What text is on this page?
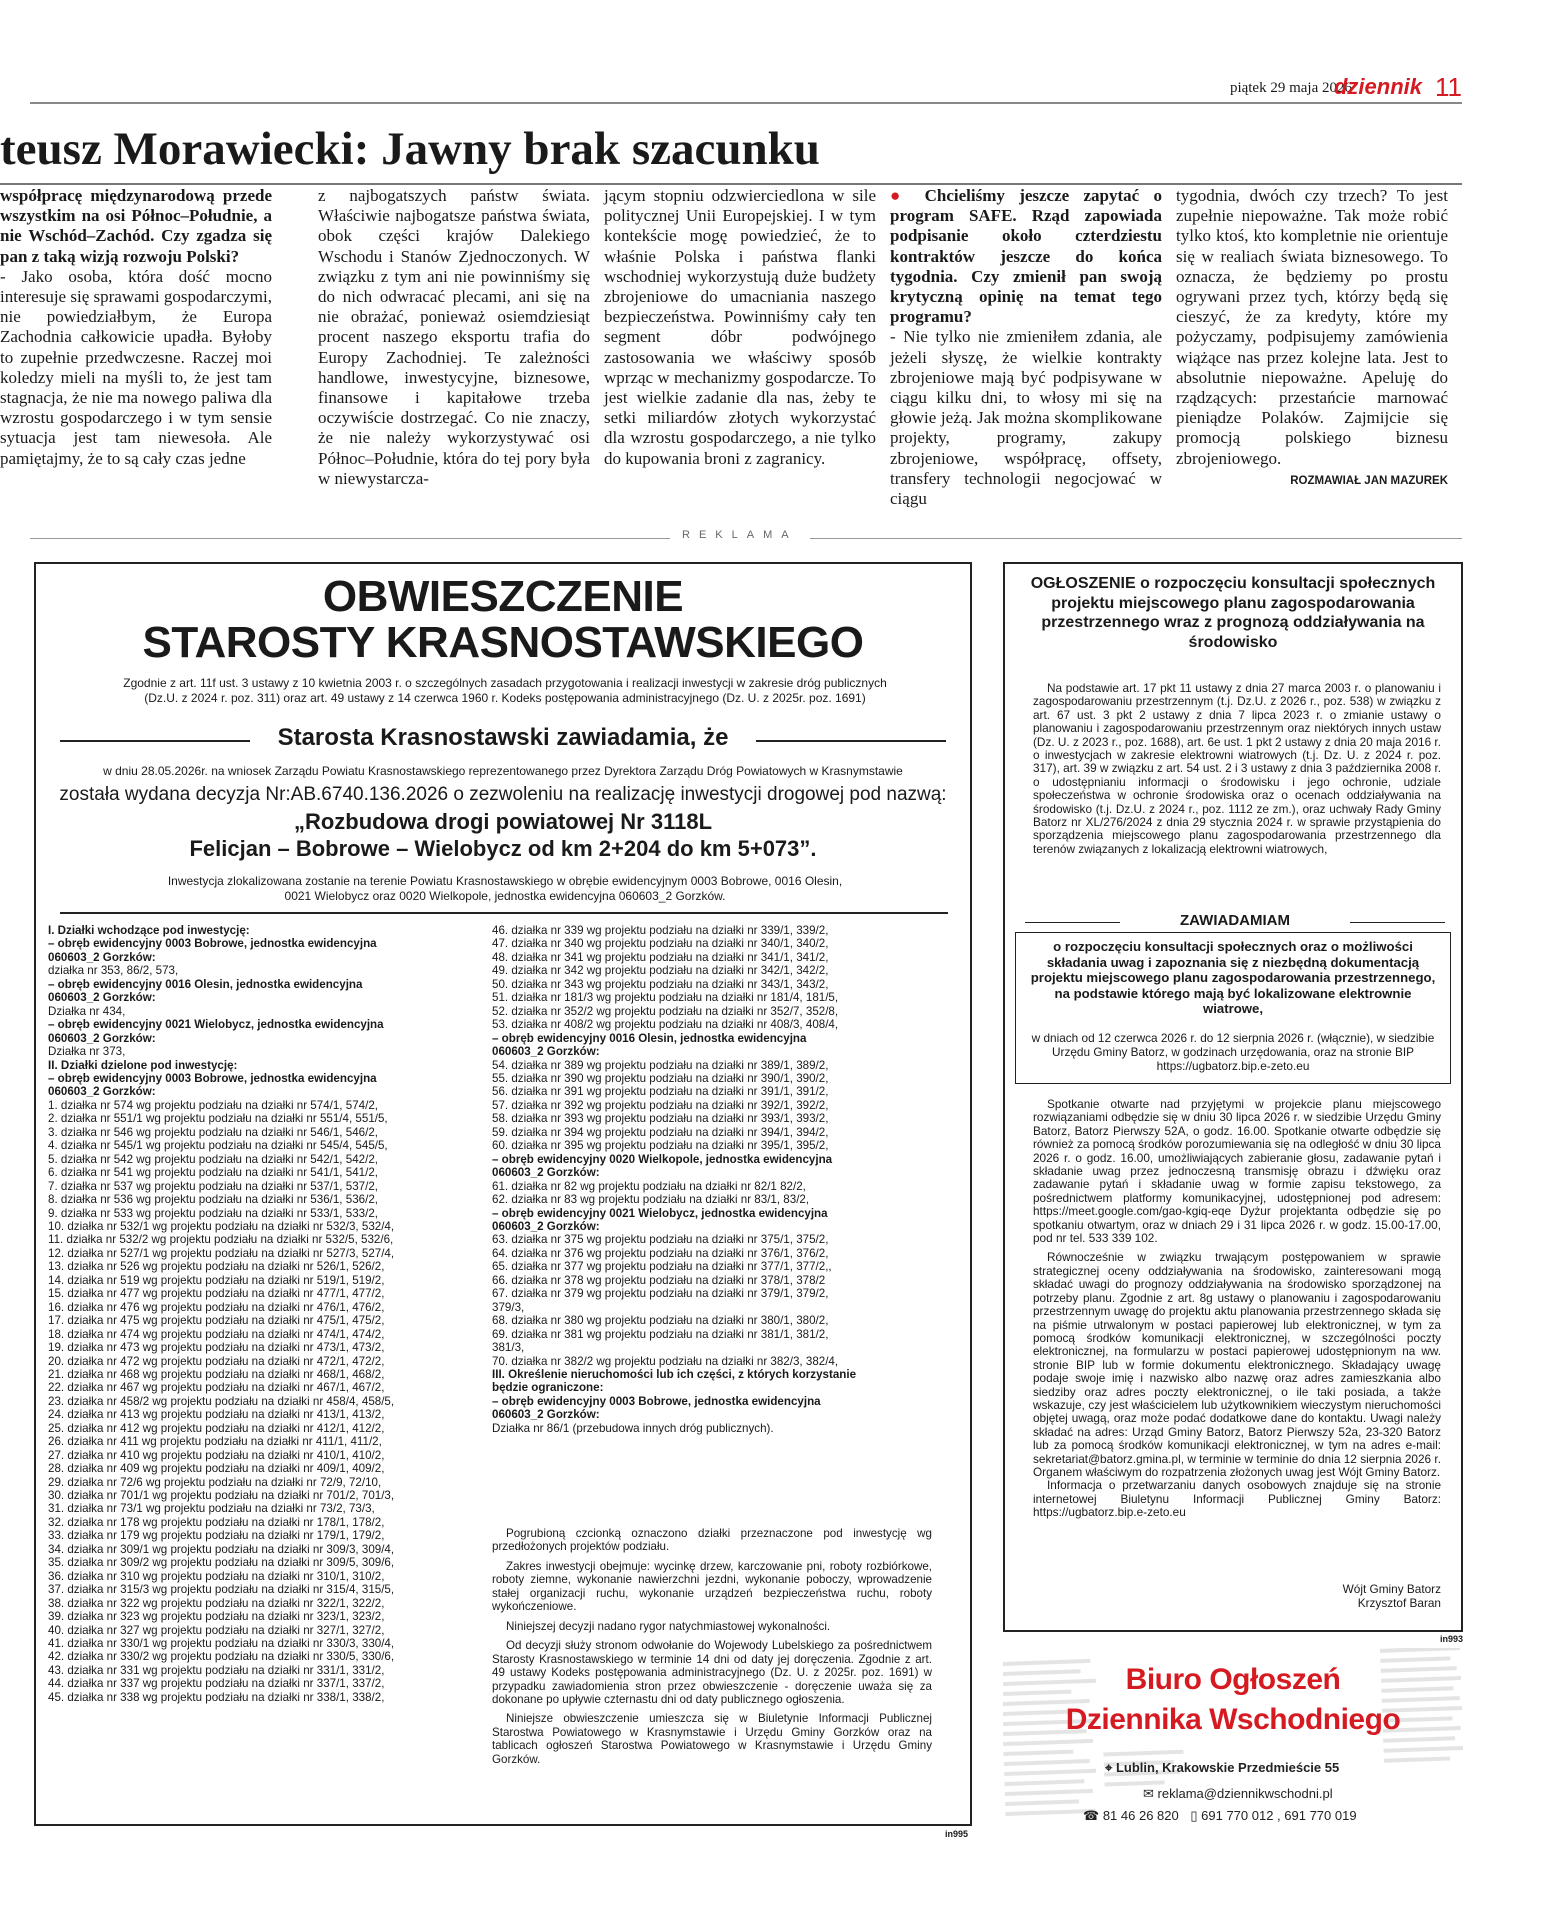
piątek 29 maja 2026
dziennik 11
teusz Morawiecki: Jawny brak szacunku

współpracę międzynarodową przede wszystkim na osi Północ–Południe, a nie Wschód–Zachód. Czy zgadza się pan z taką wizją rozwoju Polski?

- Jako osoba, która dość mocno interesuje się sprawami gospodarczymi, nie powiedziałbym, że Europa Zachodnia całkowicie upadła. Byłoby to zupełnie przedwczesne. Raczej moi koledzy mieli na myśli to, że jest tam stagnacja, że nie ma nowego paliwa dla wzrostu gospodarczego i w tym sensie sytuacja jest tam niewesoła. Ale pamiętajmy, że to są cały czas jedne

z najbogatszych państw świata. Właściwie najbogatsze państwa świata, obok części krajów Dalekiego Wschodu i Stanów Zjednoczonych. W związku z tym ani nie powinniśmy się do nich odwracać plecami, ani się na nie obrażać, ponieważ osiemdziesiąt procent naszego eksportu trafia do Europy Zachodniej. Te zależności handlowe, inwestycyjne, biznesowe, finansowe i kapitałowe trzeba oczywiście dostrzegać. Co nie znaczy, że nie należy wykorzystywać osi Północ–Południe, która do tej pory była w niewystarcza-

jącym stopniu odzwierciedlona w sile politycznej Unii Europejskiej. I w tym kontekście mogę powiedzieć, że to właśnie Polska i państwa flanki wschodniej wykorzystują duże budżety zbrojeniowe do umacniania naszego bezpieczeństwa. Powinniśmy cały ten segment dóbr podwójnego zastosowania we właściwy sposób wprząc w mechanizmy gospodarcze. To jest wielkie zadanie dla nas, żeby te setki miliardów złotych wykorzystać dla wzrostu gospodarczego, a nie tylko do kupowania broni z zagranicy.

● Chcieliśmy jeszcze zapytać o program SAFE. Rząd zapowiada podpisanie około czterdziestu kontraktów jeszcze do końca tygodnia. Czy zmienił pan swoją krytyczną opinię na temat tego programu?

- Nie tylko nie zmieniłem zdania, ale jeżeli słyszę, że wielkie kontrakty zbrojeniowe mają być podpisywane w ciągu kilku dni, to włosy mi się na głowie jeżą. Jak można skomplikowane projekty, programy, zakupy zbrojeniowe, współpracę, offsety, transfery technologii negocjować w ciągu

tygodnia, dwóch czy trzech? To jest zupełnie niepoważne. Tak może robić tylko ktoś, kto kompletnie nie orientuje się w realiach świata biznesowego. To oznacza, że będziemy po prostu ogrywani przez tych, którzy będą się cieszyć, że za kredyty, które my pożyczamy, podpisujemy zamówienia wiążące nas przez kolejne lata. Jest to absolutnie niepoważne. Apeluję do rządzących: przestańcie marnować pieniądze Polaków. Zajmijcie się promocją polskiego biznesu zbrojeniowego.

ROZMAWIAŁ JAN MAZUREK
REKLAMA
OBWIESZCZENIE
STAROSTY KRASNOSTAWSKIEGO
Zgodnie z art. 11f ust. 3 ustawy z 10 kwietnia 2003 r. o szczególnych zasadach przygotowania i realizacji inwestycji w zakresie dróg publicznych
(Dz.U. z 2024 r. poz. 311) oraz art. 49 ustawy z 14 czerwca 1960 r. Kodeks postępowania administracyjnego (Dz. U. z 2025r. poz. 1691)
Starosta Krasnostawski zawiadamia, że
w dniu 28.05.2026r. na wniosek Zarządu Powiatu Krasnostawskiego reprezentowanego przez Dyrektora Zarządu Dróg Powiatowych w Krasnymstawie
została wydana decyzja Nr:AB.6740.136.2026 o zezwoleniu na realizację inwestycji drogowej pod nazwą:
„Rozbudowa drogi powiatowej Nr 3118L
Felicjan – Bobrowe – Wielobycz od km 2+204 do km 5+073”.
Inwestycja zlokalizowana zostanie na terenie Powiatu Krasnostawskiego w obrębie ewidencyjnym 0003 Bobrowe, 0016 Olesin,
0021 Wielobycz oraz 0020 Wielkopole, jednostka ewidencyjna 060603_2 Gorzków.
I. Działki wchodzące pod inwestycję:
– obręb ewidencyjny 0003 Bobrowe, jednostka ewidencyjna
060603_2 Gorzków:
działka nr 353, 86/2, 573,
– obręb ewidencyjny 0016 Olesin, jednostka ewidencyjna
060603_2 Gorzków:
Działka nr 434,
– obręb ewidencyjny 0021 Wielobycz, jednostka ewidencyjna
060603_2 Gorzków:
Działka nr 373,
II. Działki dzielone pod inwestycję:
– obręb ewidencyjny 0003 Bobrowe, jednostka ewidencyjna
060603_2 Gorzków:
1. działka nr 574 wg projektu podziału na działki nr 574/1, 574/2,
2. działka nr 551/1 wg projektu podziału na działki nr 551/4, 551/5,
3. działka nr 546 wg projektu podziału na działki nr 546/1, 546/2,
4. działka nr 545/1 wg projektu podziału na działki nr 545/4, 545/5,
5. działka nr 542 wg projektu podziału na działki nr 542/1, 542/2,
6. działka nr 541 wg projektu podziału na działki nr 541/1, 541/2,
7. działka nr 537 wg projektu podziału na działki nr 537/1, 537/2,
8. działka nr 536 wg projektu podziału na działki nr 536/1, 536/2,
9. działka nr 533 wg projektu podziału na działki nr 533/1, 533/2,
10. działka nr 532/1 wg projektu podziału na działki nr 532/3, 532/4,
11. działka nr 532/2 wg projektu podziału na działki nr 532/5, 532/6,
12. działka nr 527/1 wg projektu podziału na działki nr 527/3, 527/4,
13. działka nr 526 wg projektu podziału na działki nr 526/1, 526/2,
14. działka nr 519 wg projektu podziału na działki nr 519/1, 519/2,
15. działka nr 477 wg projektu podziału na działki nr 477/1, 477/2,
16. działka nr 476 wg projektu podziału na działki nr 476/1, 476/2,
17. działka nr 475 wg projektu podziału na działki nr 475/1, 475/2,
18. działka nr 474 wg projektu podziału na działki nr 474/1, 474/2,
19. działka nr 473 wg projektu podziału na działki nr 473/1, 473/2,
20. działka nr 472 wg projektu podziału na działki nr 472/1, 472/2,
21. działka nr 468 wg projektu podziału na działki nr 468/1, 468/2,
22. działka nr 467 wg projektu podziału na działki nr 467/1, 467/2,
23. działka nr 458/2 wg projektu podziału na działki nr 458/4, 458/5,
24. działka nr 413 wg projektu podziału na działki nr 413/1, 413/2,
25. działka nr 412 wg projektu podziału na działki nr 412/1, 412/2,
26. działka nr 411 wg projektu podziału na działki nr 411/1, 411/2,
27. działka nr 410 wg projektu podziału na działki nr 410/1, 410/2,
28. działka nr 409 wg projektu podziału na działki nr 409/1, 409/2,
29. działka nr 72/6 wg projektu podziału na działki nr 72/9, 72/10,
30. działka nr 701/1 wg projektu podziału na działki nr 701/2, 701/3,
31. działka nr 73/1 wg projektu podziału na działki nr 73/2, 73/3,
32. działka nr 178 wg projektu podziału na działki nr 178/1, 178/2,
33. działka nr 179 wg projektu podziału na działki nr 179/1, 179/2,
34. działka nr 309/1 wg projektu podziału na działki nr 309/3, 309/4,
35. działka nr 309/2 wg projektu podziału na działki nr 309/5, 309/6,
36. działka nr 310 wg projektu podziału na działki nr 310/1, 310/2,
37. działka nr 315/3 wg projektu podziału na działki nr 315/4, 315/5,
38. działka nr 322 wg projektu podziału na działki nr 322/1, 322/2,
39. działka nr 323 wg projektu podziału na działki nr 323/1, 323/2,
40. działka nr 327 wg projektu podziału na działki nr 327/1, 327/2,
41. działka nr 330/1 wg projektu podziału na działki nr 330/3, 330/4,
42. działka nr 330/2 wg projektu podziału na działki nr 330/5, 330/6,
43. działka nr 331 wg projektu podziału na działki nr 331/1, 331/2,
44. działka nr 337 wg projektu podziału na działki nr 337/1, 337/2,
45. działka nr 338 wg projektu podziału na działki nr 338/1, 338/2,
46. działka nr 339 wg projektu podziału na działki nr 339/1, 339/2,
47. działka nr 340 wg projektu podziału na działki nr 340/1, 340/2,
48. działka nr 341 wg projektu podziału na działki nr 341/1, 341/2,
49. działka nr 342 wg projektu podziału na działki nr 342/1, 342/2,
50. działka nr 343 wg projektu podziału na działki nr 343/1, 343/2,
51. działka nr 181/3 wg projektu podziału na działki nr 181/4, 181/5,
52. działka nr 352/2 wg projektu podziału na działki nr 352/7, 352/8,
53. działka nr 408/2 wg projektu podziału na działki nr 408/3, 408/4,
– obręb ewidencyjny 0016 Olesin, jednostka ewidencyjna
060603_2 Gorzków:
54. działka nr 389 wg projektu podziału na działki nr 389/1, 389/2,
55. działka nr 390 wg projektu podziału na działki nr 390/1, 390/2,
56. działka nr 391 wg projektu podziału na działki nr 391/1, 391/2,
57. działka nr 392 wg projektu podziału na działki nr 392/1, 392/2,
58. działka nr 393 wg projektu podziału na działki nr 393/1, 393/2,
59. działka nr 394 wg projektu podziału na działki nr 394/1, 394/2,
60. działka nr 395 wg projektu podziału na działki nr 395/1, 395/2,
– obręb ewidencyjny 0020 Wielkopole, jednostka ewidencyjna
060603_2 Gorzków:
61. działka nr 82 wg projektu podziału na działki nr 82/1 82/2,
62. działka nr 83 wg projektu podziału na działki nr 83/1, 83/2,
– obręb ewidencyjny 0021 Wielobycz, jednostka ewidencyjna
060603_2 Gorzków:
63. działka nr 375 wg projektu podziału na działki nr 375/1, 375/2,
64. działka nr 376 wg projektu podziału na działki nr 376/1, 376/2,
65. działka nr 377 wg projektu podziału na działki nr 377/1, 377/2,,
66. działka nr 378 wg projektu podziału na działki nr 378/1, 378/2
67. działka nr 379 wg projektu podziału na działki nr 379/1, 379/2,
379/3,
68. działka nr 380 wg projektu podziału na działki nr 380/1, 380/2,
69. działka nr 381 wg projektu podziału na działki nr 381/1, 381/2,
381/3,
70. działka nr 382/2 wg projektu podziału na działki nr 382/3, 382/4,
III. Określenie nieruchomości lub ich części, z których korzystanie
będzie ograniczone:
– obręb ewidencyjny 0003 Bobrowe, jednostka ewidencyjna
060603_2 Gorzków:
Działka nr 86/1 (przebudowa innych dróg publicznych).

Pogrubioną czcionką oznaczono działki przeznaczone pod inwestycję wg przedłożonych projektów podziału.

Zakres inwestycji obejmuje: wycinkę drzew, karczowanie pni, roboty rozbiórkowe, roboty ziemne, wykonanie nawierzchni jezdni, wykonanie poboczy, wprowadzenie stałej organizacji ruchu, wykonanie urządzeń bezpieczeństwa ruchu, roboty wykończeniowe.

Niniejszej decyzji nadano rygor natychmiastowej wykonalności.

Od decyzji służy stronom odwołanie do Wojewody Lubelskiego za pośrednictwem Starosty Krasnostawskiego w terminie 14 dni od daty jej doręczenia. Zgodnie z art. 49 ustawy Kodeks postępowania administracyjnego (Dz. U. z 2025r. poz. 1691) w przypadku zawiadomienia stron przez obwieszczenie - doręczenie uważa się za dokonane po upływie czternastu dni od daty publicznego ogłoszenia.

Niniejsze obwieszczenie umieszcza się w Biuletynie Informacji Publicznej Starostwa Powiatowego w Krasnymstawie i Urzędu Gminy Gorzków oraz na tablicach ogłoszeń Starostwa Powiatowego w Krasnymstawie i Urzędu Gminy Gorzków.

in995
OGŁOSZENIE o rozpoczęciu konsultacji społecznych projektu miejscowego planu zagospodarowania przestrzennego wraz z prognozą oddziaływania na środowisko

Na podstawie art. 17 pkt 11 ustawy z dnia 27 marca 2003 r. o planowaniu i zagospodarowaniu przestrzennym (t.j. Dz.U. z 2026 r., poz. 538) w związku z art. 67 ust. 3 pkt 2 ustawy z dnia 7 lipca 2023 r. o zmianie ustawy o planowaniu i zagospodarowaniu przestrzennym oraz niektórych innych ustaw (Dz. U. z 2023 r., poz. 1688), art. 6e ust. 1 pkt 2 ustawy z dnia 20 maja 2016 r. o inwestycjach w zakresie elektrowni wiatrowych (t.j. Dz. U. z 2024 r. poz. 317), art. 39 w związku z art. 54 ust. 2 i 3 ustawy z dnia 3 października 2008 r. o udostępnianiu informacji o środowisku i jego ochronie, udziale społeczeństwa w ochronie środowiska oraz o ocenach oddziaływania na środowisko (t.j. Dz.U. z 2024 r., poz. 1112 ze zm.), oraz uchwały Rady Gminy Batorz nr XL/276/2024 z dnia 29 stycznia 2024 r. w sprawie przystąpienia do sporządzenia miejscowego planu zagospodarowania przestrzennego dla terenów związanych z lokalizacją elektrowni wiatrowych,

ZAWIADAMIAM
o rozpoczęciu konsultacji społecznych oraz o możliwości składania uwag i zapoznania się z niezbędną dokumentacją projektu miejscowego planu zagospodarowania przestrzennego, na podstawie którego mają być lokalizowane elektrownie wiatrowe,
w dniach od 12 czerwca 2026 r. do 12 sierpnia 2026 r. (włącznie), w siedzibie Urzędu Gminy Batorz, w godzinach urzędowania, oraz na stronie BIP https://ugbatorz.bip.e-zeto.eu

Spotkanie otwarte nad przyjętymi w projekcie planu miejscowego rozwiązaniami odbędzie się w dniu 30 lipca 2026 r. w siedzibie Urzędu Gminy Batorz, Batorz Pierwszy 52A, o godz. 16.00. Spotkanie otwarte odbędzie się również za pomocą środków porozumiewania się na odległość w dniu 30 lipca 2026 r. o godz. 16.00, umożliwiających zabieranie głosu, zadawanie pytań i składanie uwag przez jednoczesną transmisję obrazu i dźwięku oraz zadawanie pytań i składanie uwag w formie zapisu tekstowego, za pośrednictwem platformy komunikacyjnej, udostępnionej pod adresem: https://meet.google.com/gao-kgiq-eqe Dyżur projektanta odbędzie się po spotkaniu otwartym, oraz w dniach 29 i 31 lipca 2026 r. w godz. 15.00-17.00, pod nr tel. 533 339 102.

Równocześnie w związku trwającym postępowaniem w sprawie strategicznej oceny oddziaływania na środowisko, zainteresowani mogą składać uwagi do prognozy oddziaływania na środowisko sporządzonej na potrzeby planu. Zgodnie z art. 8g ustawy o planowaniu i zagospodarowaniu przestrzennym uwagę do projektu aktu planowania przestrzennego składa się na piśmie utrwalonym w postaci papierowej lub elektronicznej, w tym za pomocą środków komunikacji elektronicznej, w szczególności poczty elektronicznej, na formularzu w postaci papierowej udostępnionym na ww. stronie BIP lub w formie dokumentu elektronicznego. Składający uwagę podaje swoje imię i nazwisko albo nazwę oraz adres zamieszkania albo siedziby oraz adres poczty elektronicznej, o ile taki posiada, a także wskazuje, czy jest właścicielem lub użytkownikiem wieczystym nieruchomości objętej uwagą, oraz może podać dodatkowe dane do kontaktu. Uwagi należy składać na adres: Urząd Gminy Batorz, Batorz Pierwszy 52a, 23-320 Batorz lub za pomocą środków komunikacji elektronicznej, w tym na adres e-mail: sekretariat@batorz.gmina.pl, w terminie w terminie do dnia 12 sierpnia 2026 r. Organem właściwym do rozpatrzenia złożonych uwag jest Wójt Gminy Batorz.

Informacja o przetwarzaniu danych osobowych znajduje się na stronie internetowej Biuletynu Informacji Publicznej Gminy Batorz: https://ugbatorz.bip.e-zeto.eu

Wójt Gminy Batorz
Krzysztof Baran
in993
Biuro Ogłoszeń
Dziennika Wschodniego
⌖ Lublin, Krakowskie Przedmieście 55
✉ reklama@dziennikwschodni.pl
☎ 81 46 26 820 ▯ 691 770 012 , 691 770 019
